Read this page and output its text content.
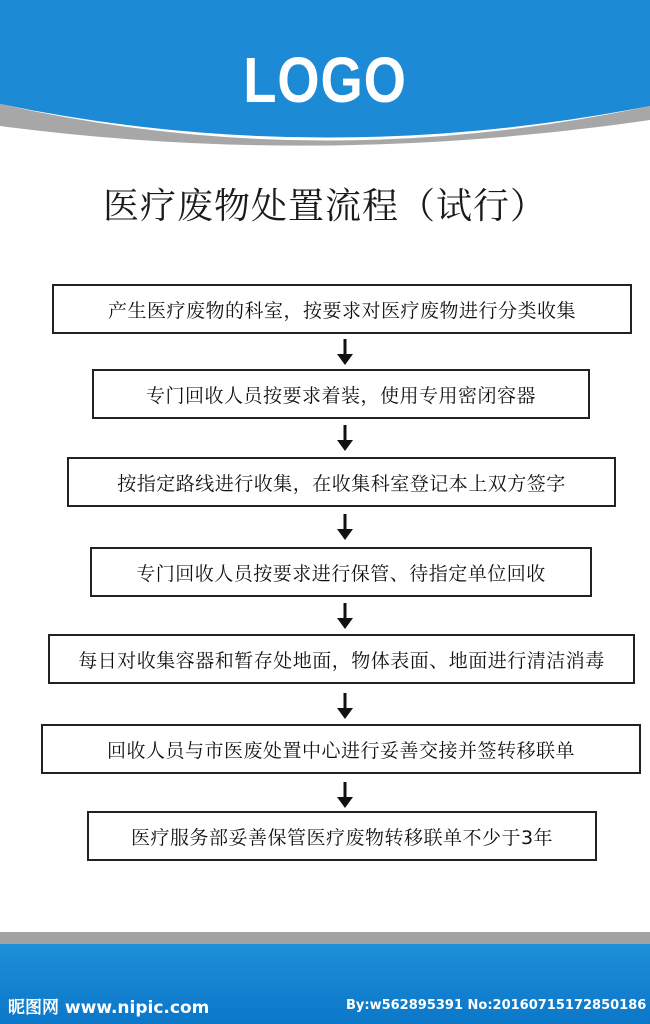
LOGO
医疗废物处置流程（试行）
产生医疗废物的科室，按要求对医疗废物进行分类收集
专门回收人员按要求着装，使用专用密闭容器
按指定路线进行收集，在收集科室登记本上双方签字
专门回收人员按要求进行保管、待指定单位回收
每日对收集容器和暂存处地面，物体表面、地面进行清洁消毒
回收人员与市医废处置中心进行妥善交接并签转移联单
医疗服务部妥善保管医疗废物转移联单不少于3年
昵图网 www.nipic.com	By:w562895391 No:20160715172850186
